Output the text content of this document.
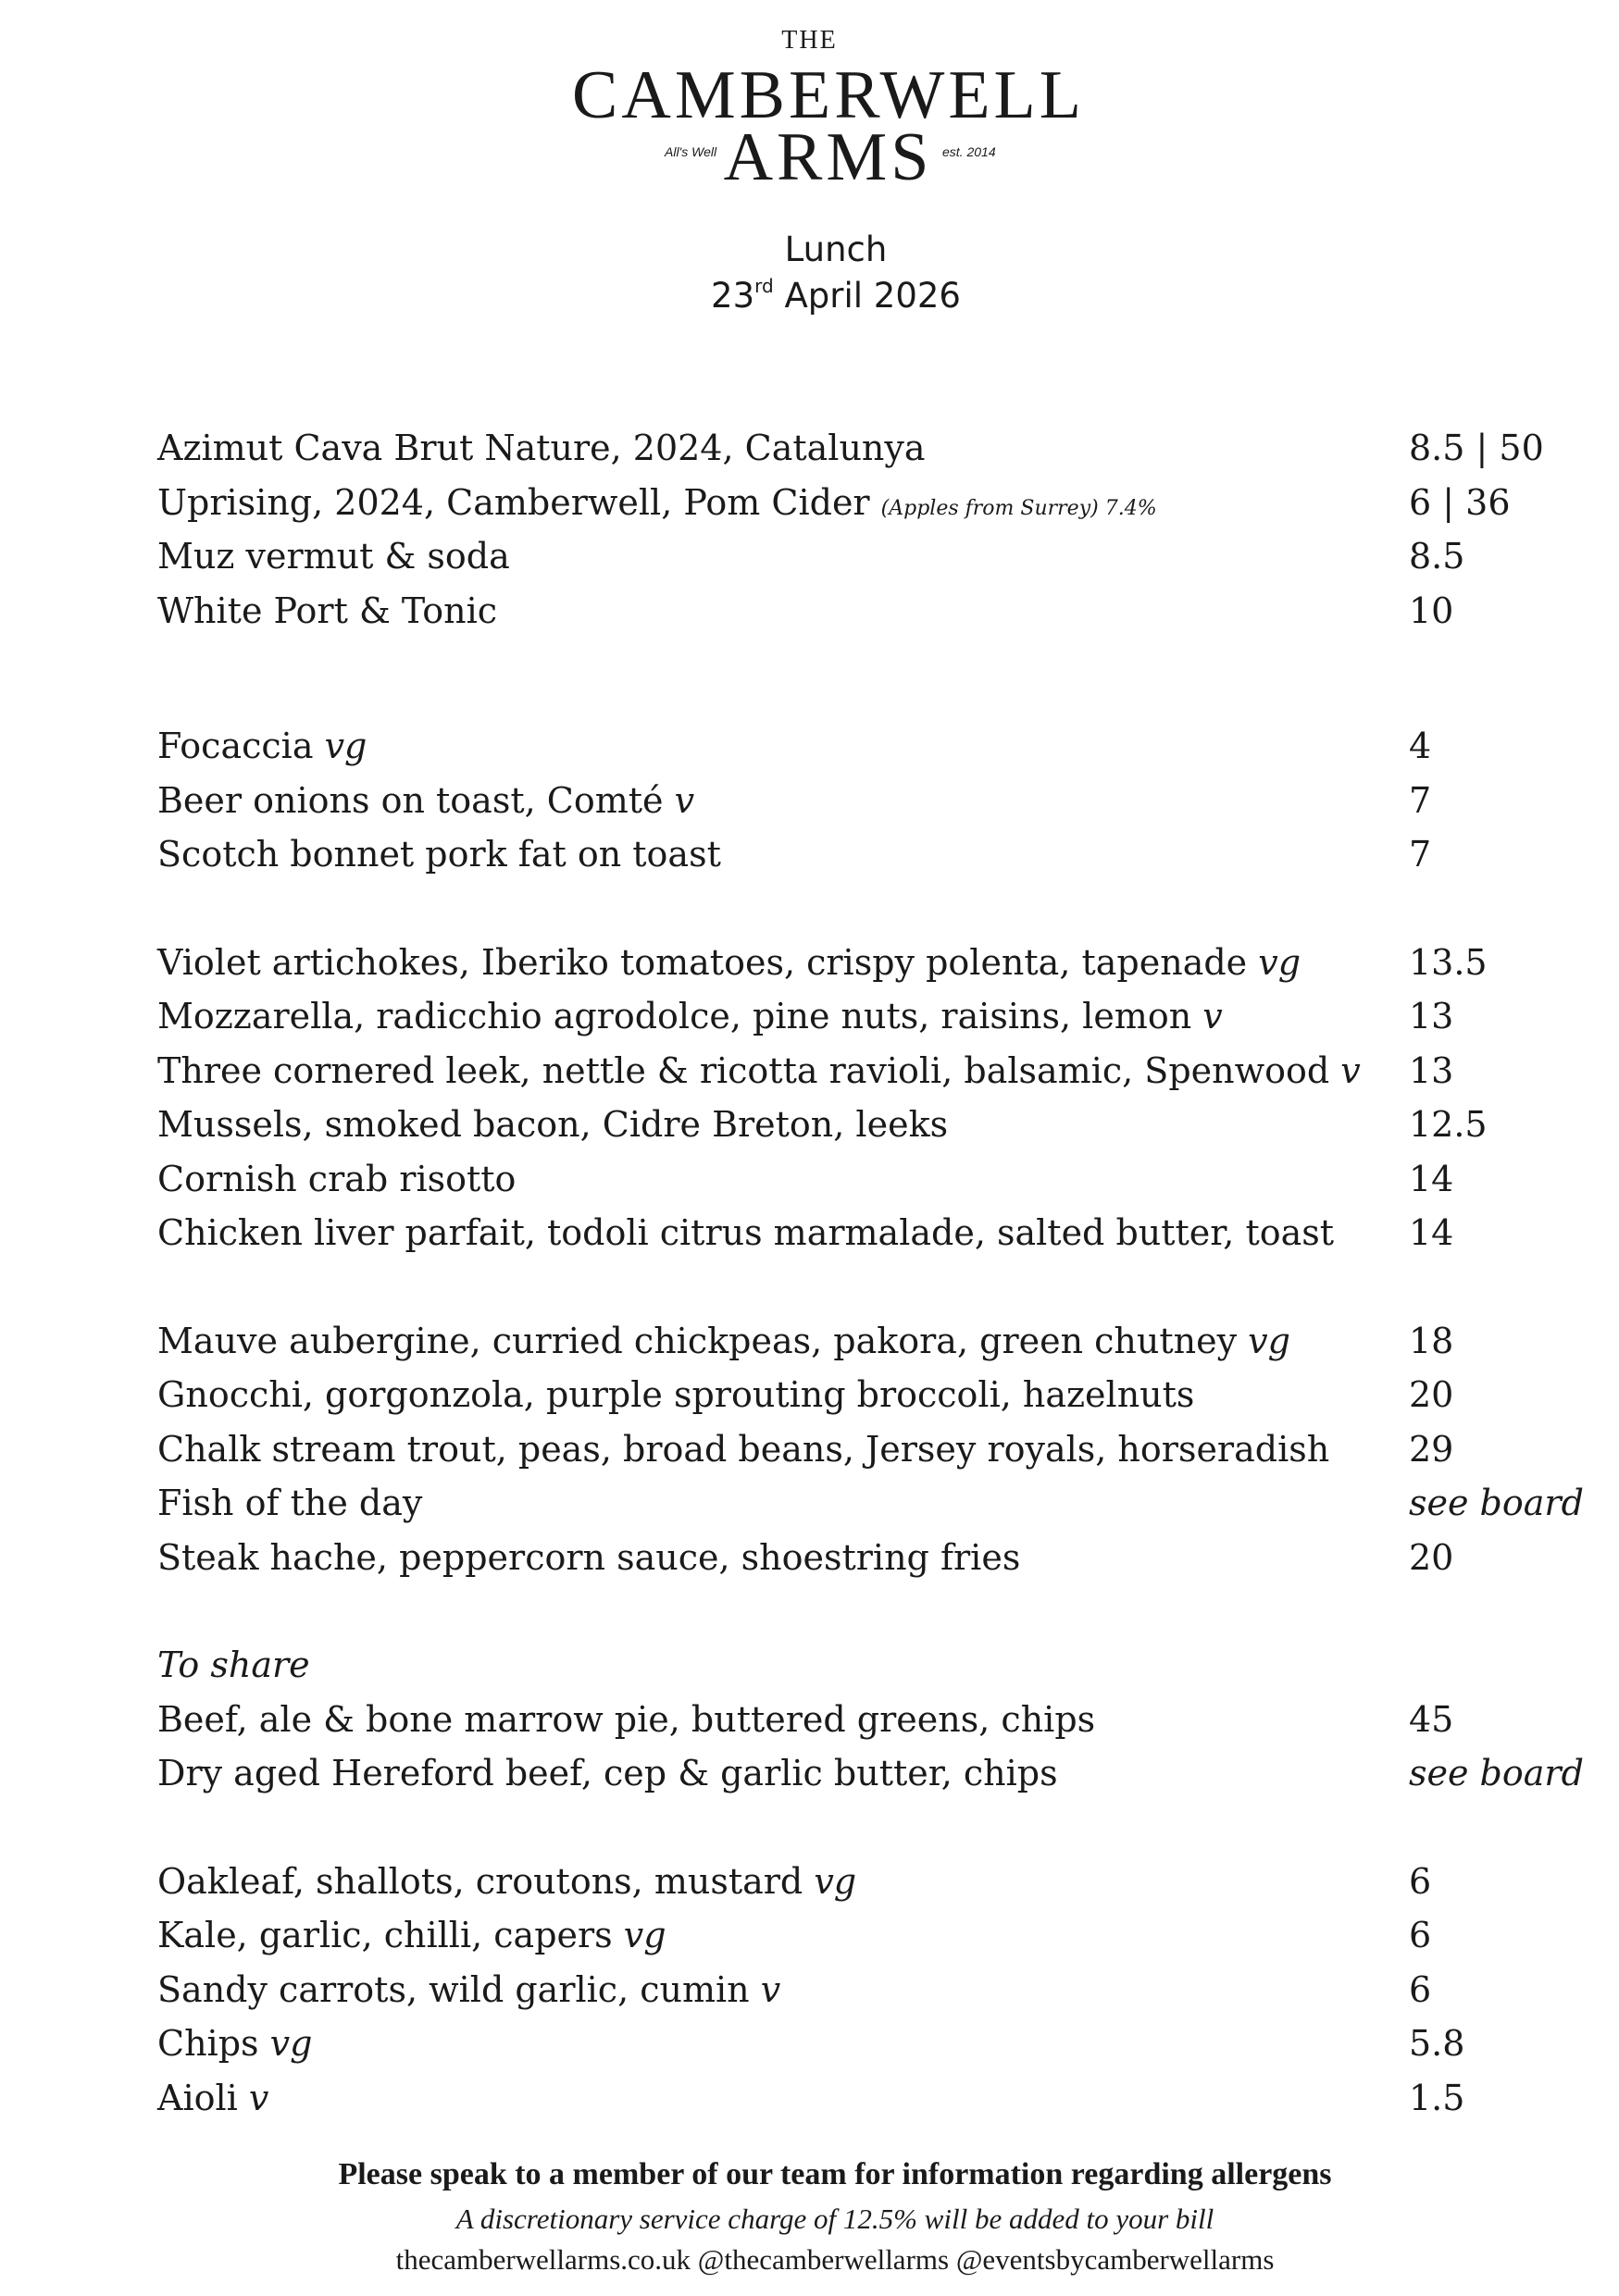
THE
CAMBERWELL
All's Well ARMS est. 2014
Lunch
23rd April 2026
Azimut Cava Brut Nature, 2024, Catalunya	8.5 | 50
Uprising, 2024, Camberwell, Pom Cider (Apples from Surrey) 7.4%	6 | 36
Muz vermut & soda	8.5
White Port & Tonic	10
Focaccia vg	4
Beer onions on toast, Comté v	7
Scotch bonnet pork fat on toast	7
Violet artichokes, Iberiko tomatoes, crispy polenta, tapenade vg	13.5
Mozzarella, radicchio agrodolce, pine nuts, raisins, lemon v	13
Three cornered leek, nettle & ricotta ravioli, balsamic, Spenwood v 13
Mussels, smoked bacon, Cidre Breton, leeks	12.5
Cornish crab risotto	14
Chicken liver parfait, todoli citrus marmalade, salted butter, toast 14
Mauve aubergine, curried chickpeas, pakora, green chutney vg	18
Gnocchi, gorgonzola, purple sprouting broccoli, hazelnuts	20
Chalk stream trout, peas, broad beans, Jersey royals, horseradish 29
Fish of the day	see board
Steak hache, peppercorn sauce, shoestring fries	20
To share
Beef, ale & bone marrow pie, buttered greens, chips	45
Dry aged Hereford beef, cep & garlic butter, chips	see board
Oakleaf, shallots, croutons, mustard vg	6
Kale, garlic, chilli, capers vg	6
Sandy carrots, wild garlic, cumin v	6
Chips vg	5.8
Aioli v	1.5
Please speak to a member of our team for information regarding allergens
A discretionary service charge of 12.5% will be added to your bill
thecamberwellarms.co.uk @thecamberwellarms @eventsbycamberwellarms
